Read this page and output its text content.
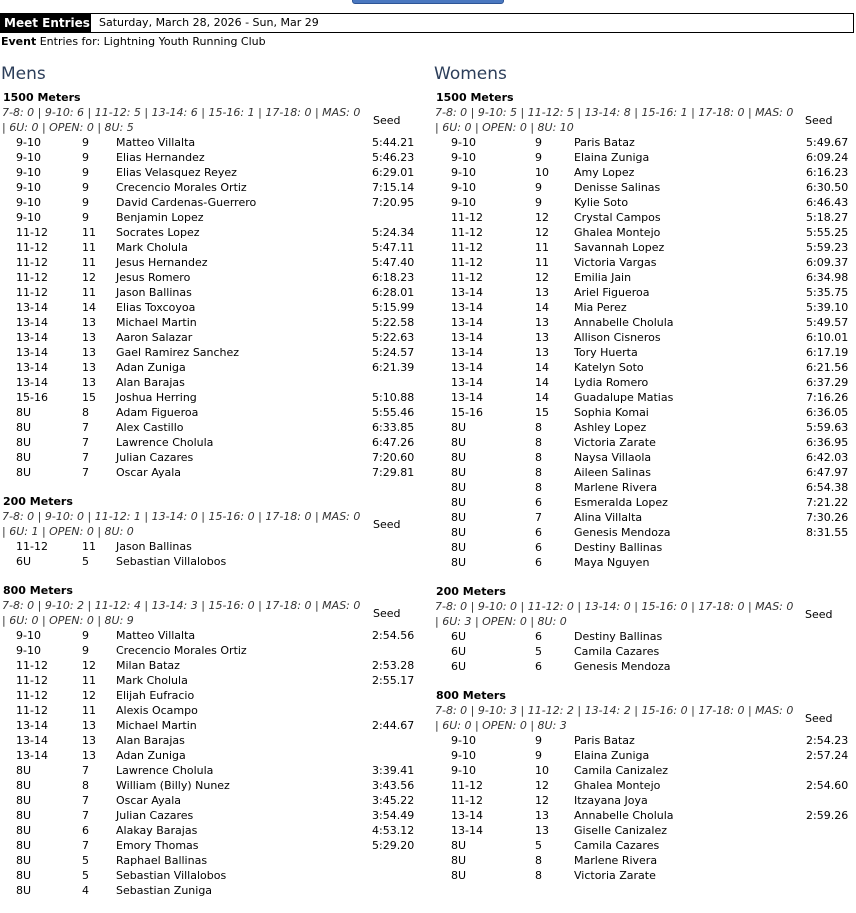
Meet Entries Saturday, March 28, 2026 - Sun, Mar 29
Event Entries for: Lightning Youth Running Club
Mens
1500 Meters
7-8: 0 | 9-10: 6 | 11-12: 5 | 13-14: 6 | 15-16: 1 | 17-18: 0 | MAS: 0 | 6U: 0 | OPEN: 0 | 8U: 5
Seed
9-10	9 Matteo Villalta	5:44.21
9-10	9 Elias Hernandez	5:46.23
9-10	9 Elias Velasquez Reyez	6:29.01
9-10	9 Crecencio Morales Ortiz	7:15.14
9-10	9 David Cardenas-Guerrero	7:20.95
9-10	9 Benjamin Lopez
11-12	11 Socrates Lopez	5:24.34
11-12	11 Mark Cholula	5:47.11
11-12	11 Jesus Hernandez	5:47.40
11-12	12 Jesus Romero	6:18.23
11-12	11 Jason Ballinas	6:28.01
13-14	14 Elias Toxcoyoa	5:15.99
13-14	13 Michael Martin	5:22.58
13-14	13 Aaron Salazar	5:22.63
13-14	13 Gael Ramirez Sanchez	5:24.57
13-14	13 Adan Zuniga	6:21.39
13-14	13 Alan Barajas
15-16	15 Joshua Herring	5:10.88
8U	8 Adam Figueroa	5:55.46
8U	7 Alex Castillo	6:33.85
8U	7 Lawrence Cholula	6:47.26
8U	7 Julian Cazares	7:20.60
8U	7 Oscar Ayala	7:29.81
200 Meters
7-8: 0 | 9-10: 0 | 11-12: 1 | 13-14: 0 | 15-16: 0 | 17-18: 0 | MAS: 0 | 6U: 1 | OPEN: 0 | 8U: 0
Seed
11-12	11 Jason Ballinas
6U	5 Sebastian Villalobos
800 Meters
7-8: 0 | 9-10: 2 | 11-12: 4 | 13-14: 3 | 15-16: 0 | 17-18: 0 | MAS: 0 | 6U: 0 | OPEN: 0 | 8U: 9
Seed
9-10	9 Matteo Villalta	2:54.56
9-10	9 Crecencio Morales Ortiz
11-12	12 Milan Bataz	2:53.28
11-12	11 Mark Cholula	2:55.17
11-12	12 Elijah Eufracio
11-12	11 Alexis Ocampo
13-14	13 Michael Martin	2:44.67
13-14	13 Alan Barajas
13-14	13 Adan Zuniga
8U	7 Lawrence Cholula	3:39.41
8U	8 William (Billy) Nunez	3:43.56
8U	7 Oscar Ayala	3:45.22
8U	7 Julian Cazares	3:54.49
8U	6 Alakay Barajas	4:53.12
8U	7 Emory Thomas	5:29.20
8U	5 Raphael Ballinas
8U	5 Sebastian Villalobos
8U	4 Sebastian Zuniga
Womens
1500 Meters
7-8: 0 | 9-10: 5 | 11-12: 5 | 13-14: 8 | 15-16: 1 | 17-18: 0 | MAS: 0 | 6U: 0 | OPEN: 0 | 8U: 10
Seed
9-10	9	Paris Bataz	5:49.67
9-10	9	Elaina Zuniga	6:09.24
9-10	10 Amy Lopez	6:16.23
9-10	9	Denisse Salinas	6:30.50
9-10	9	Kylie Soto	6:46.43
11-12	12 Crystal Campos	5:18.27
11-12	12 Ghalea Montejo	5:55.25
11-12	11 Savannah Lopez	5:59.23
11-12	11 Victoria Vargas	6:09.37
11-12	12 Emilia Jain	6:34.98
13-14	13 Ariel Figueroa	5:35.75
13-14	14 Mia Perez	5:39.10
13-14	13 Annabelle Cholula	5:49.57
13-14	13 Allison Cisneros	6:10.01
13-14	13 Tory Huerta	6:17.19
13-14	14 Katelyn Soto	6:21.56
13-14	14 Lydia Romero	6:37.29
13-14	14 Guadalupe Matias	7:16.26
15-16	15 Sophia Komai	6:36.05
8U	8	Ashley Lopez	5:59.63
8U	8	Victoria Zarate	6:36.95
8U	8	Naysa Villaola	6:42.03
8U	8	Aileen Salinas	6:47.97
8U	8	Marlene Rivera	6:54.38
8U	6	Esmeralda Lopez	7:21.22
8U	7	Alina Villalta	7:30.26
8U	6	Genesis Mendoza	8:31.55
8U	6	Destiny Ballinas
8U	6	Maya Nguyen
200 Meters
7-8: 0 | 9-10: 0 | 11-12: 0 | 13-14: 0 | 15-16: 0 | 17-18: 0 | MAS: 0 | 6U: 3 | OPEN: 0 | 8U: 0
Seed
6U	6	Destiny Ballinas
6U	5	Camila Cazares
6U	6	Genesis Mendoza
800 Meters
7-8: 0 | 9-10: 3 | 11-12: 2 | 13-14: 2 | 15-16: 0 | 17-18: 0 | MAS: 0 | 6U: 0 | OPEN: 0 | 8U: 3
Seed
9-10	9	Paris Bataz	2:54.23
9-10	9	Elaina Zuniga	2:57.24
9-10	10 Camila Canizalez
11-12	12 Ghalea Montejo	2:54.60
11-12	12 Itzayana Joya
13-14	13 Annabelle Cholula	2:59.26
13-14	13 Giselle Canizalez
8U	5	Camila Cazares
8U	8	Marlene Rivera
8U	8	Victoria Zarate
